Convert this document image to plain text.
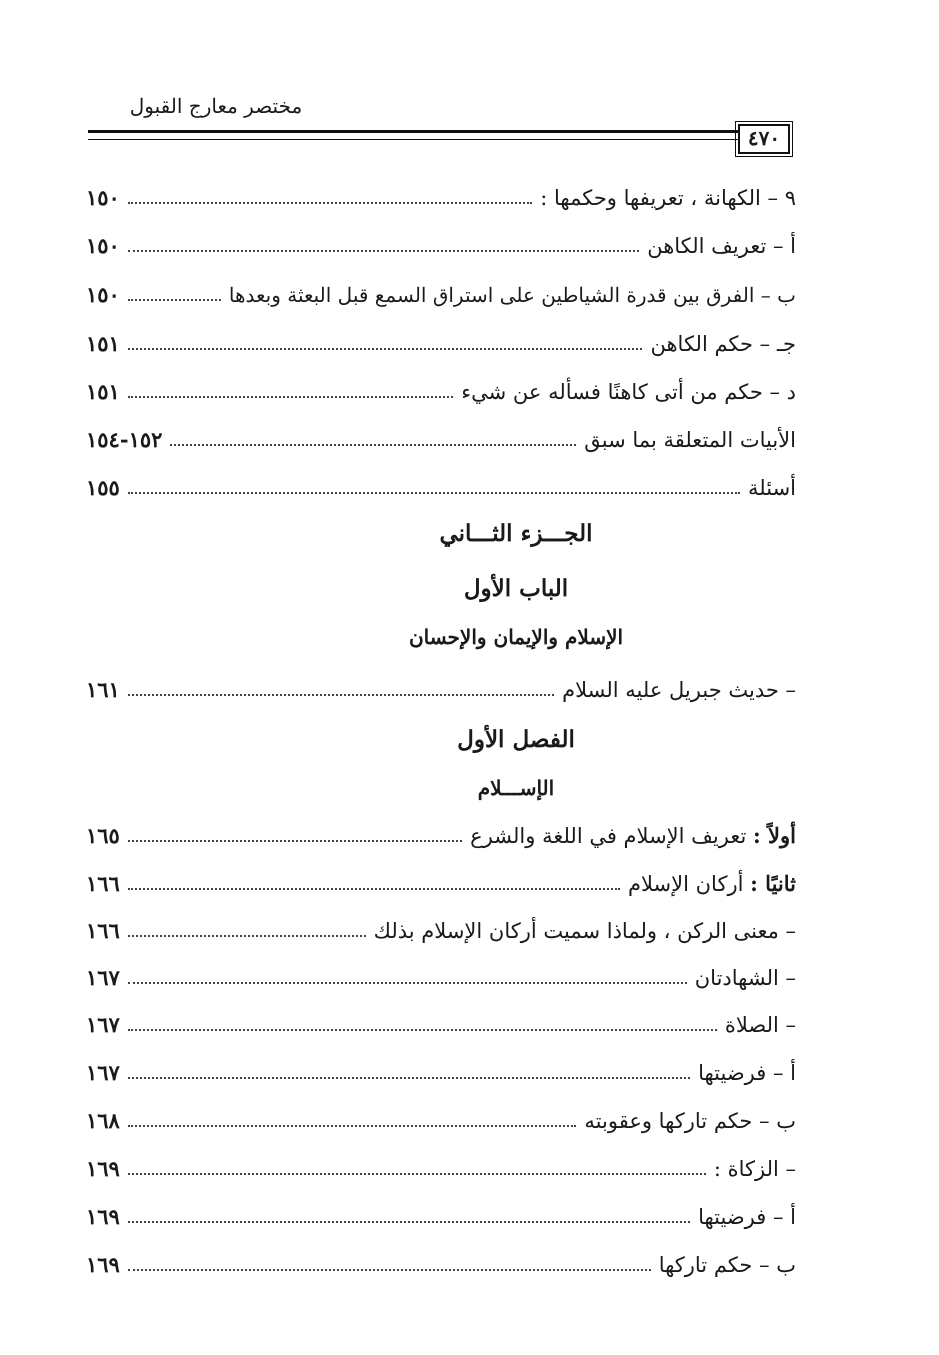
مختصر معارج القبول
٤٧٠
٩ – الكهانة ، تعريفها وحكمها :
١٥٠
أ – تعريف الكاهن
١٥٠
ب – الفرق بين قدرة الشياطين على استراق السمع قبل البعثة وبعدها
١٥٠
جـ – حكم الكاهن
١٥١
د – حكم من أتى كاهنًا فسأله عن شيء
١٥١
الأبيات المتعلقة بما سبق
١٥٢-١٥٤
أسئلة
١٥٥
الجـــزء الثـــاني
الباب الأول
الإسلام والإيمان والإحسان
– حديث جبريل عليه السلام
١٦١
الفصل الأول
الإســـلام
أولاً : تعريف الإسلام في اللغة والشرع
١٦٥
ثانيًا : أركان الإسلام
١٦٦
– معنى الركن ، ولماذا سميت أركان الإسلام بذلك
١٦٦
– الشهادتان
١٦٧
– الصلاة
١٦٧
أ – فرضيتها
١٦٧
ب – حكم تاركها وعقوبته
١٦٨
– الزكاة :
١٦٩
أ – فرضيتها
١٦٩
ب – حكم تاركها
١٦٩
